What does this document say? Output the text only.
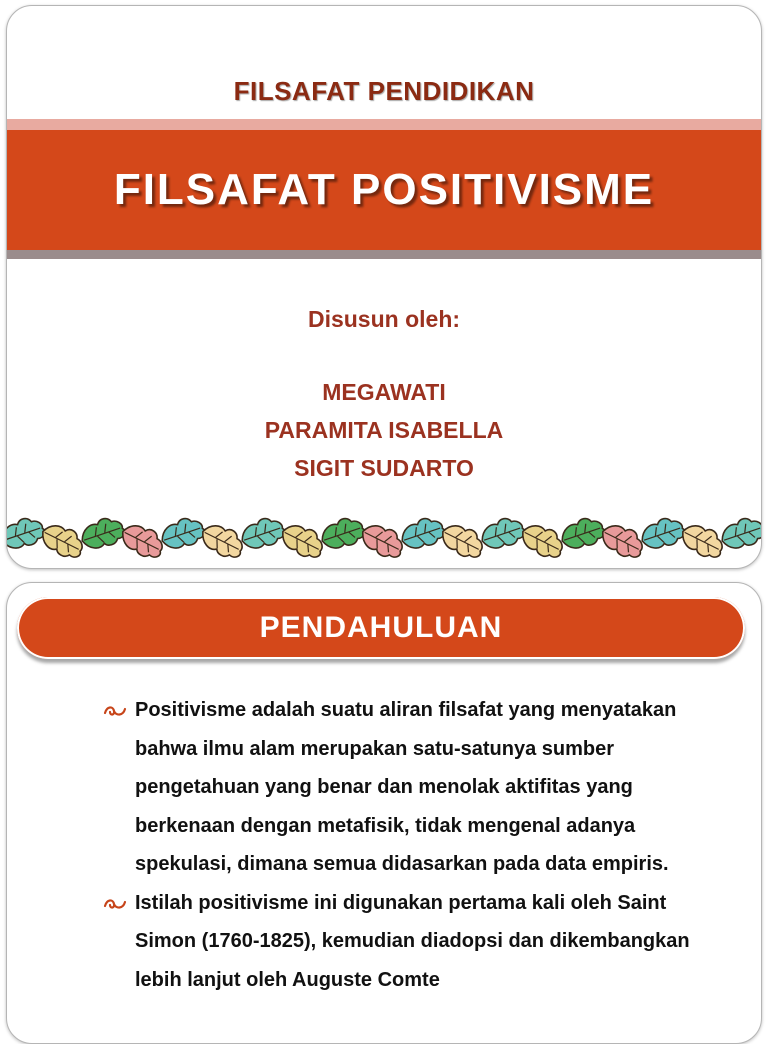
FILSAFAT PENDIDIKAN
FILSAFAT POSITIVISME
Disusun oleh:
MEGAWATI
PARAMITA ISABELLA
SIGIT SUDARTO
PENDAHULUAN
Positivisme adalah suatu aliran filsafat yang menyatakan bahwa ilmu alam merupakan satu-satunya sumber pengetahuan yang benar dan menolak aktifitas yang berkenaan dengan metafisik, tidak mengenal adanya spekulasi, dimana semua didasarkan pada data empiris.
Istilah positivisme ini digunakan pertama kali oleh Saint Simon (1760-1825), kemudian diadopsi dan dikembangkan lebih lanjut oleh Auguste Comte
